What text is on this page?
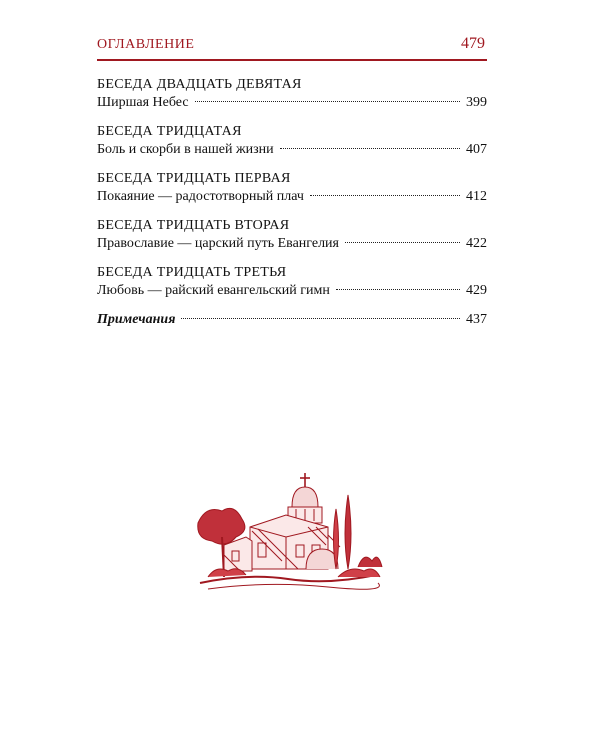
ОГЛАВЛЕНИЕ	479
БЕСЕДА ДВАДЦАТЬ ДЕВЯТАЯ
Ширшая Небес	399
БЕСЕДА ТРИДЦАТАЯ
Боль и скорби в нашей жизни	407
БЕСЕДА ТРИДЦАТЬ ПЕРВАЯ
Покаяние — радостотворный плач	412
БЕСЕДА ТРИДЦАТЬ ВТОРАЯ
Православие — царский путь Евангелия	422
БЕСЕДА ТРИДЦАТЬ ТРЕТЬЯ
Любовь — райский евангельский гимн	429
Примечания	437
